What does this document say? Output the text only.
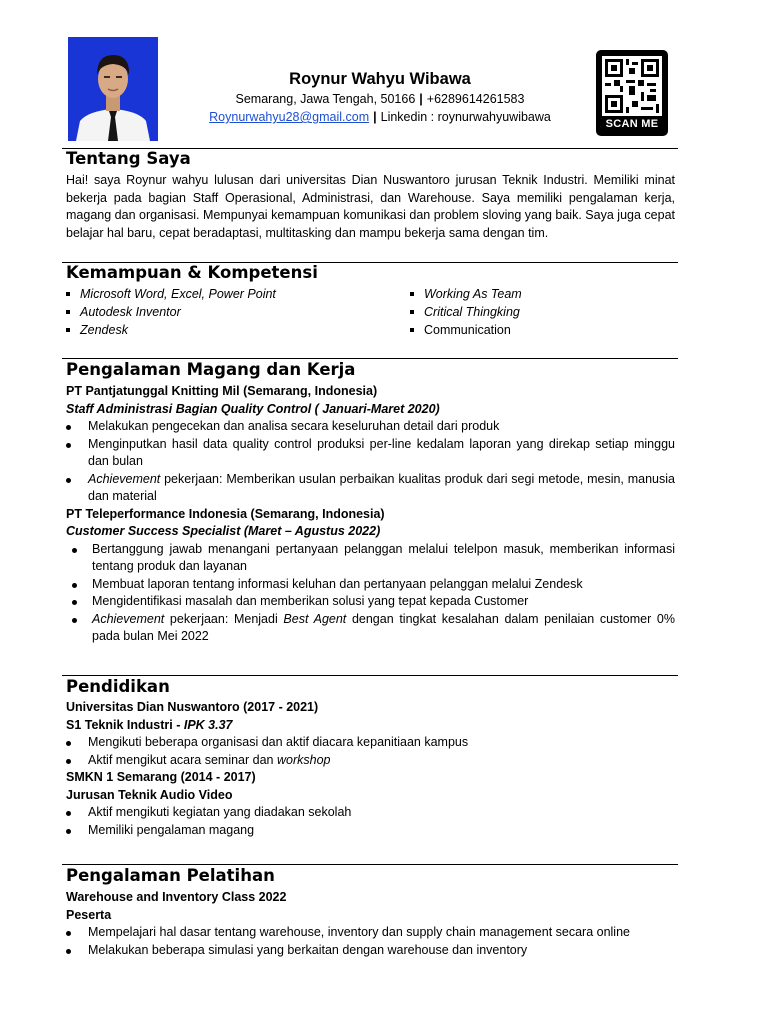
Roynur Wahyu Wibawa
Semarang, Jawa Tengah, 50166 | +6289614261583
Roynurwahyu28@gmail.com | Linkedin : roynurwahyuwibawa	SCAN ME
Tentang Saya

Hai! saya Roynur wahyu lulusan dari universitas Dian Nuswantoro jurusan Teknik Industri. Memiliki minat bekerja pada bagian Staff Operasional, Administrasi, dan Warehouse. Saya memiliki pengalaman kerja, magang dan organisasi. Mempunyai kemampuan komunikasi dan problem sloving yang baik. Saya juga cepat belajar hal baru, cepat beradaptasi, multitasking dan mampu bekerja sama dengan tim.

Kemampuan & Kompetensi
Microsoft Word, Excel, Power Point
Autodesk Inventor
Zendesk
Working As Team
Critical Thingking
Communication
Pengalaman Magang dan Kerja
PT Pantjatunggal Knitting Mil (Semarang, Indonesia)
Staff Administrasi Bagian Quality Control ( Januari-Maret 2020)
Melakukan pengecekan dan analisa secara keseluruhan detail dari produk
Menginputkan hasil data quality control produksi per-line kedalam laporan yang direkap setiap minggu dan bulan
Achievement pekerjaan: Memberikan usulan perbaikan kualitas produk dari segi metode, mesin, manusia dan material
PT Teleperformance Indonesia (Semarang, Indonesia)
Customer Success Specialist (Maret – Agustus 2022)
Bertanggung jawab menangani pertanyaan pelanggan melalui telelpon masuk, memberikan informasi tentang produk dan layanan
Membuat laporan tentang informasi keluhan dan pertanyaan pelanggan melalui Zendesk
Mengidentifikasi masalah dan memberikan solusi yang tepat kepada Customer
Achievement pekerjaan: Menjadi Best Agent dengan tingkat kesalahan dalam penilaian customer 0% pada bulan Mei 2022
Pendidikan
Universitas Dian Nuswantoro (2017 - 2021)
S1 Teknik Industri - IPK 3.37
Mengikuti beberapa organisasi dan aktif diacara kepanitiaan kampus
Aktif mengikut acara seminar dan workshop
SMKN 1 Semarang (2014 - 2017)
Jurusan Teknik Audio Video
Aktif mengikuti kegiatan yang diadakan sekolah
Memiliki pengalaman magang
Pengalaman Pelatihan
Warehouse and Inventory Class 2022
Peserta
Mempelajari hal dasar tentang warehouse, inventory dan supply chain management secara online
Melakukan beberapa simulasi yang berkaitan dengan warehouse dan inventory
